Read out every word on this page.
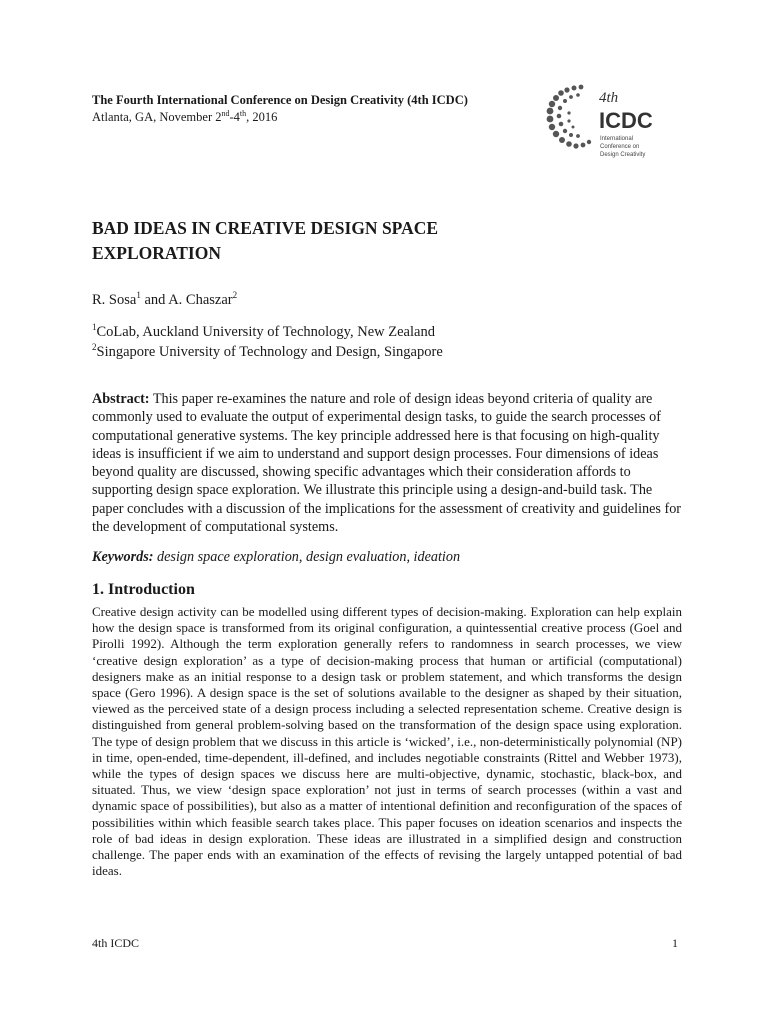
The Fourth International Conference on Design Creativity (4th ICDC)
Atlanta, GA, November 2nd-4th, 2016
4th
ICDC
International
Conference on
Design Creativity
BAD IDEAS IN CREATIVE DESIGN SPACE EXPLORATION
R. Sosa$^1$ and A. Chaszar$^2$
$^1$CoLab, Auckland University of Technology, New Zealand
$^2$Singapore University of Technology and Design, Singapore
Abstract: This paper re-examines the nature and role of design ideas beyond criteria of quality are commonly used to evaluate the output of experimental design tasks, to guide the search processes of computational generative systems. The key principle addressed here is that focusing on high-quality ideas is insufficient if we aim to understand and support design processes. Four dimensions of ideas beyond quality are discussed, showing specific advantages which their consideration affords to supporting design space exploration. We illustrate this principle using a design-and-build task. The paper concludes with a discussion of the implications for the assessment of creativity and guidelines for the development of computational systems.
Keywords: design space exploration, design evaluation, ideation
1. Introduction
Creative design activity can be modelled using different types of decision-making. Exploration can help explain how the design space is transformed from its original configuration, a quintessential creative process (Goel and Pirolli 1992). Although the term exploration generally refers to randomness in search processes, we view ‘creative design exploration’ as a type of decision-making process that human or artificial (computational) designers make as an initial response to a design task or problem statement, and which transforms the design space (Gero 1996). A design space is the set of solutions available to the designer as shaped by their situation, viewed as the perceived state of a design process including a selected representation scheme. Creative design is distinguished from general problem-solving based on the transformation of the design space using exploration. The type of design problem that we discuss in this article is ‘wicked’, i.e., non-deterministically polynomial (NP) in time, open-ended, time-dependent, ill-defined, and includes negotiable constraints (Rittel and Webber 1973), while the types of design spaces we discuss here are multi-objective, dynamic, stochastic, black-box, and situated. Thus, we view ‘design space exploration’ not just in terms of search processes (within a vast and dynamic space of possibilities), but also as a matter of intentional definition and reconfiguration of the spaces of possibilities within which feasible search takes place. This paper focuses on ideation scenarios and inspects the role of bad ideas in design exploration. These ideas are illustrated in a simplified design and construction challenge. The paper ends with an examination of the effects of revising the largely untapped potential of bad ideas.
4th ICDC	1
